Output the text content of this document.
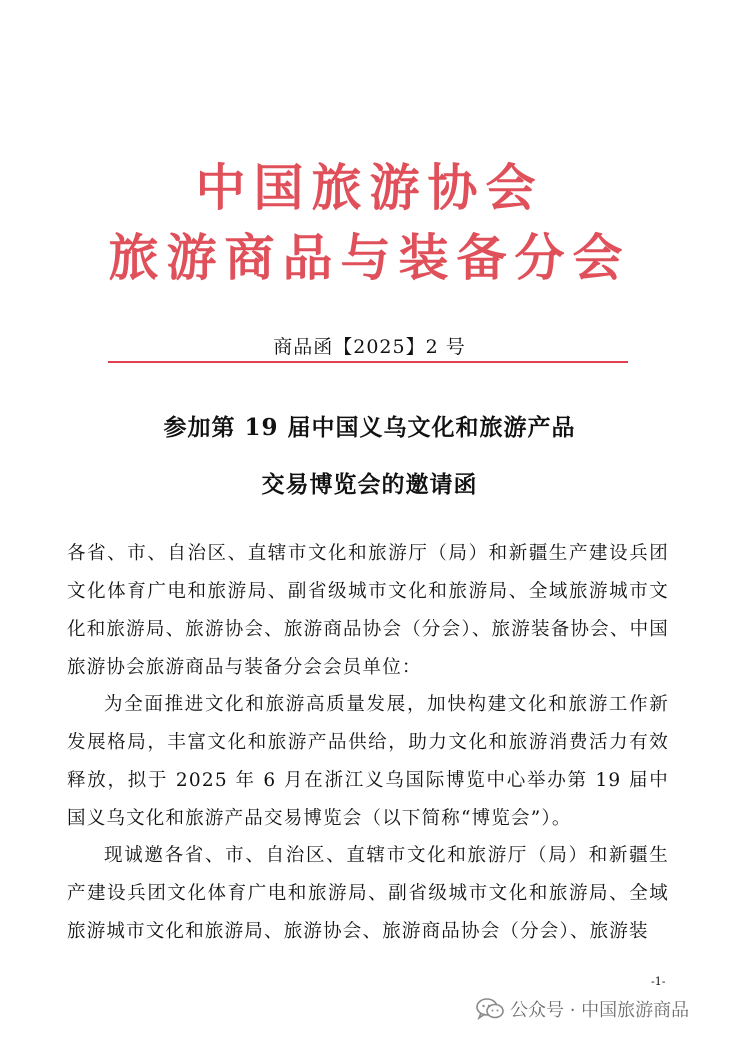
中国旅游协会
旅游商品与装备分会
商品函【2025】2 号
参加第 19 届中国义乌文化和旅游产品
交易博览会的邀请函
各省、市、自治区、直辖市文化和旅游厅（局）和新疆生产建设兵团文化体育广电和旅游局、副省级城市文化和旅游局、全域旅游城市文化和旅游局、旅游协会、旅游商品协会（分会）、旅游装备协会、中国旅游协会旅游商品与装备分会会员单位：
为全面推进文化和旅游高质量发展，加快构建文化和旅游工作新发展格局，丰富文化和旅游产品供给，助力文化和旅游消费活力有效释放，拟于 2025 年 6 月在浙江义乌国际博览中心举办第 19 届中国义乌文化和旅游产品交易博览会（以下简称“博览会”）。
现诚邀各省、市、自治区、直辖市文化和旅游厅（局）和新疆生产建设兵团文化体育广电和旅游局、副省级城市文化和旅游局、全域旅游城市文化和旅游局、旅游协会、旅游商品协会（分会）、旅游装
-1-
公众号 · 中国旅游商品
